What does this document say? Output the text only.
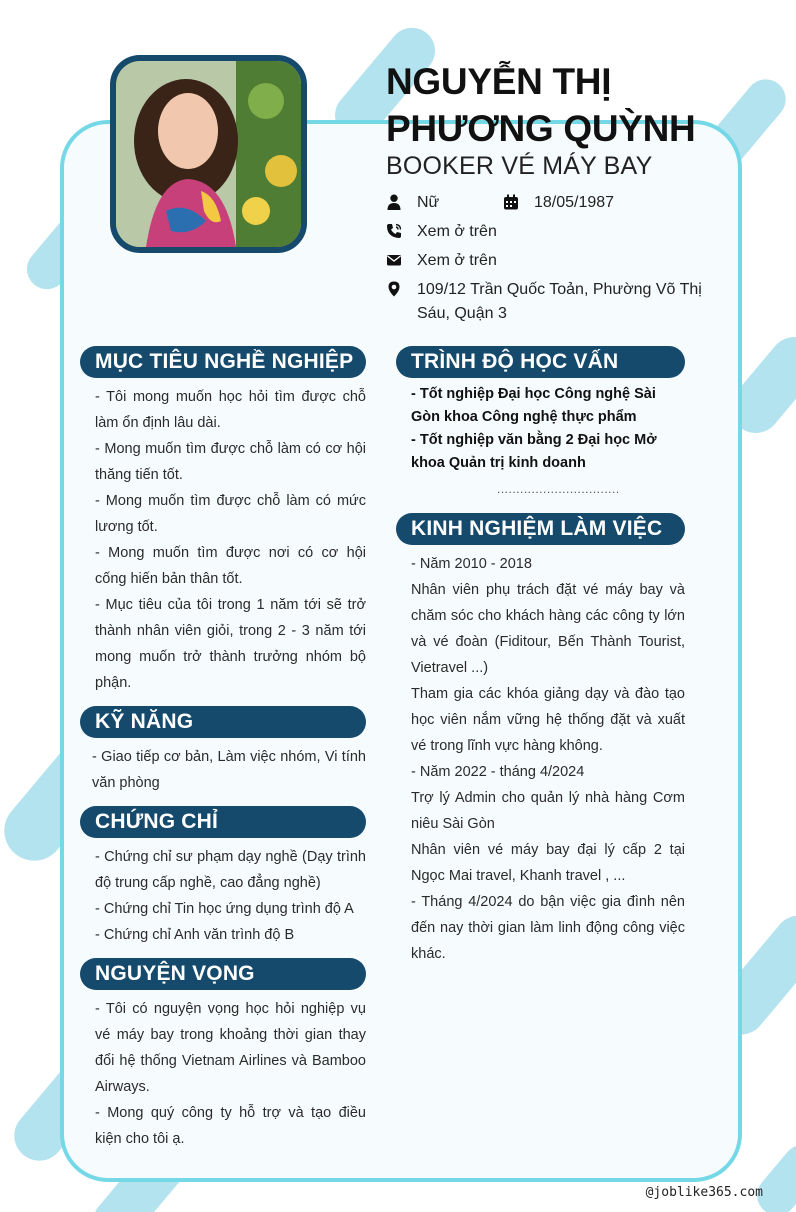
NGUYỄN THỊ
PHƯƠNG QUỲNH
BOOKER VÉ MÁY BAY
Nữ	18/05/1987
Xem ở trên
Xem ở trên
109/12 Trần Quốc Toản, Phường Võ Thị Sáu, Quận 3
MỤC TIÊU NGHỀ NGHIỆP

- Tôi mong muốn học hỏi tìm được chỗ làm ổn định lâu dài.

- Mong muốn tìm được chỗ làm có cơ hội thăng tiến tốt.

- Mong muốn tìm được chỗ làm có mức lương tốt.

- Mong muốn tìm được nơi có cơ hội cống hiến bản thân tốt.

- Mục tiêu của tôi trong 1 năm tới sẽ trở thành nhân viên giỏi, trong 2 - 3 năm tới mong muốn trở thành trưởng nhóm bộ phận.

KỸ NĂNG

- Giao tiếp cơ bản, Làm việc nhóm, Vi tính văn phòng

CHỨNG CHỈ

- Chứng chỉ sư phạm dạy nghề (Dạy trình độ trung cấp nghề, cao đẳng nghề)

- Chứng chỉ Tin học ứng dụng trình độ A

- Chứng chỉ Anh văn trình độ B

NGUYỆN VỌNG

- Tôi có nguyện vọng học hỏi nghiệp vụ vé máy bay trong khoảng thời gian thay đổi hệ thống Vietnam Airlines và Bamboo Airways.

- Mong quý công ty hỗ trợ và tạo điều kiện cho tôi ạ.

TRÌNH ĐỘ HỌC VẤN

- Tốt nghiệp Đại học Công nghệ Sài Gòn khoa Công nghệ thực phẩm

- Tốt nghiệp văn bằng 2 Đại học Mở khoa Quản trị kinh doanh

................................
KINH NGHIỆM LÀM VIỆC

- Năm 2010 - 2018

Nhân viên phụ trách đặt vé máy bay và chăm sóc cho khách hàng các công ty lớn và vé đoàn (Fiditour, Bến Thành Tourist, Vietravel ...)

Tham gia các khóa giảng dạy và đào tạo học viên nắm vững hệ thống đặt và xuất vé trong lĩnh vực hàng không.

- Năm 2022 - tháng 4/2024

Trợ lý Admin cho quản lý nhà hàng Cơm niêu Sài Gòn

Nhân viên vé máy bay đại lý cấp 2 tại Ngọc Mai travel, Khanh travel , ...

- Tháng 4/2024 do bận việc gia đình nên đến nay thời gian làm linh động công việc khác.

@joblike365.com
